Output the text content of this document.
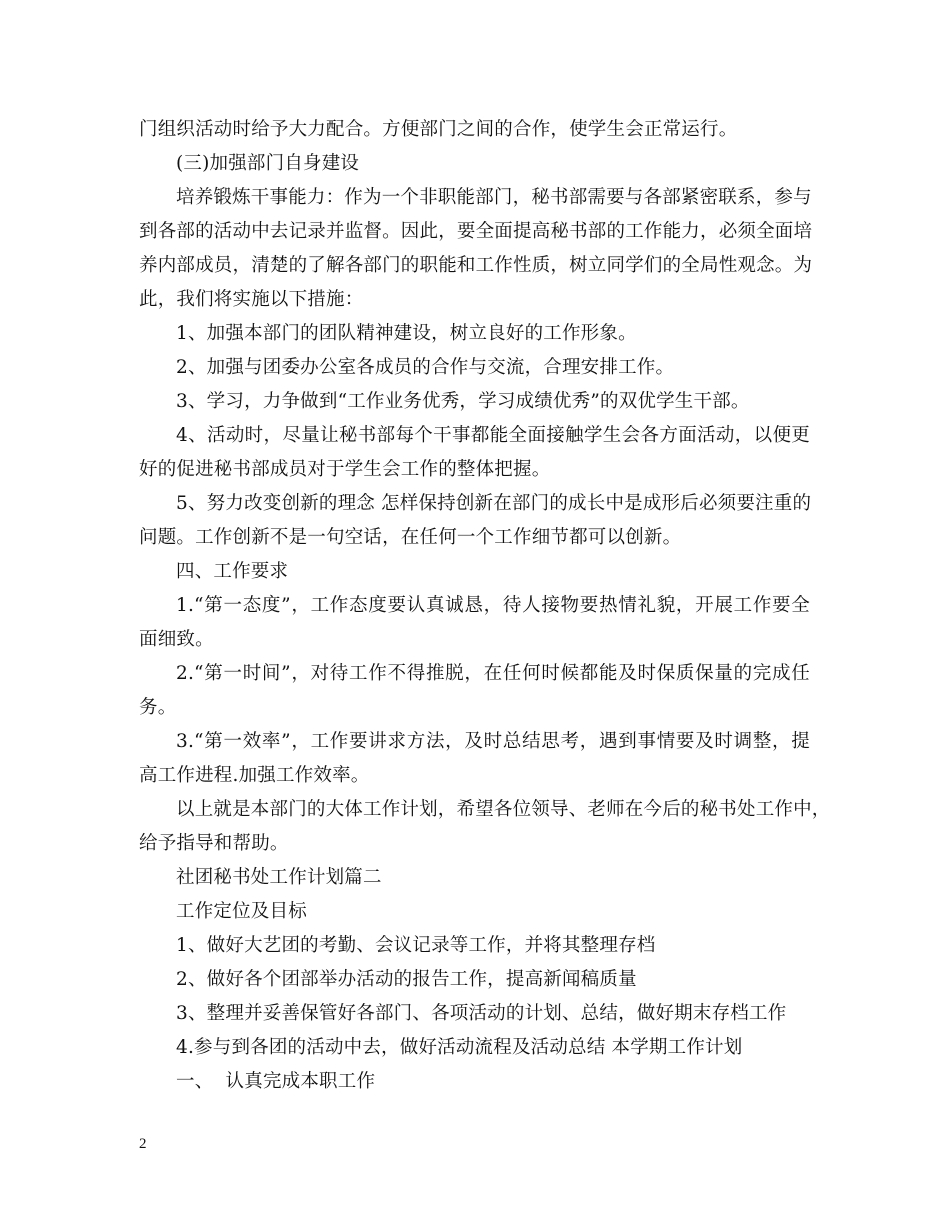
门组织活动时给予大力配合。方便部门之间的合作，使学生会正常运行。
(三)加强部门自身建设
培养锻炼干事能力：作为一个非职能部门，秘书部需要与各部紧密联系，参与
到各部的活动中去记录并监督。因此，要全面提高秘书部的工作能力，必须全面培
养内部成员，清楚的了解各部门的职能和工作性质，树立同学们的全局性观念。为
此，我们将实施以下措施：
1、加强本部门的团队精神建设，树立良好的工作形象。
2、加强与团委办公室各成员的合作与交流，合理安排工作。
3、学习，力争做到“工作业务优秀，学习成绩优秀”的双优学生干部。
4、活动时，尽量让秘书部每个干事都能全面接触学生会各方面活动，以便更
好的促进秘书部成员对于学生会工作的整体把握。
5、努力改变创新的理念 怎样保持创新在部门的成长中是成形后必须要注重的
问题。工作创新不是一句空话，在任何一个工作细节都可以创新。
四、工作要求
1.“第一态度”，工作态度要认真诚恳，待人接物要热情礼貌，开展工作要全
面细致。
2.“第一时间”，对待工作不得推脱，在任何时候都能及时保质保量的完成任
务。
3.“第一效率”，工作要讲求方法，及时总结思考，遇到事情要及时调整，提
高工作进程.加强工作效率。
以上就是本部门的大体工作计划，希望各位领导、老师在今后的秘书处工作中，
给予指导和帮助。
社团秘书处工作计划篇二
工作定位及目标
1、做好大艺团的考勤、会议记录等工作，并将其整理存档
2、做好各个团部举办活动的报告工作，提高新闻稿质量
3、整理并妥善保管好各部门、各项活动的计划、总结，做好期末存档工作
4.参与到各团的活动中去，做好活动流程及活动总结 本学期工作计划
一、  认真完成本职工作
2
